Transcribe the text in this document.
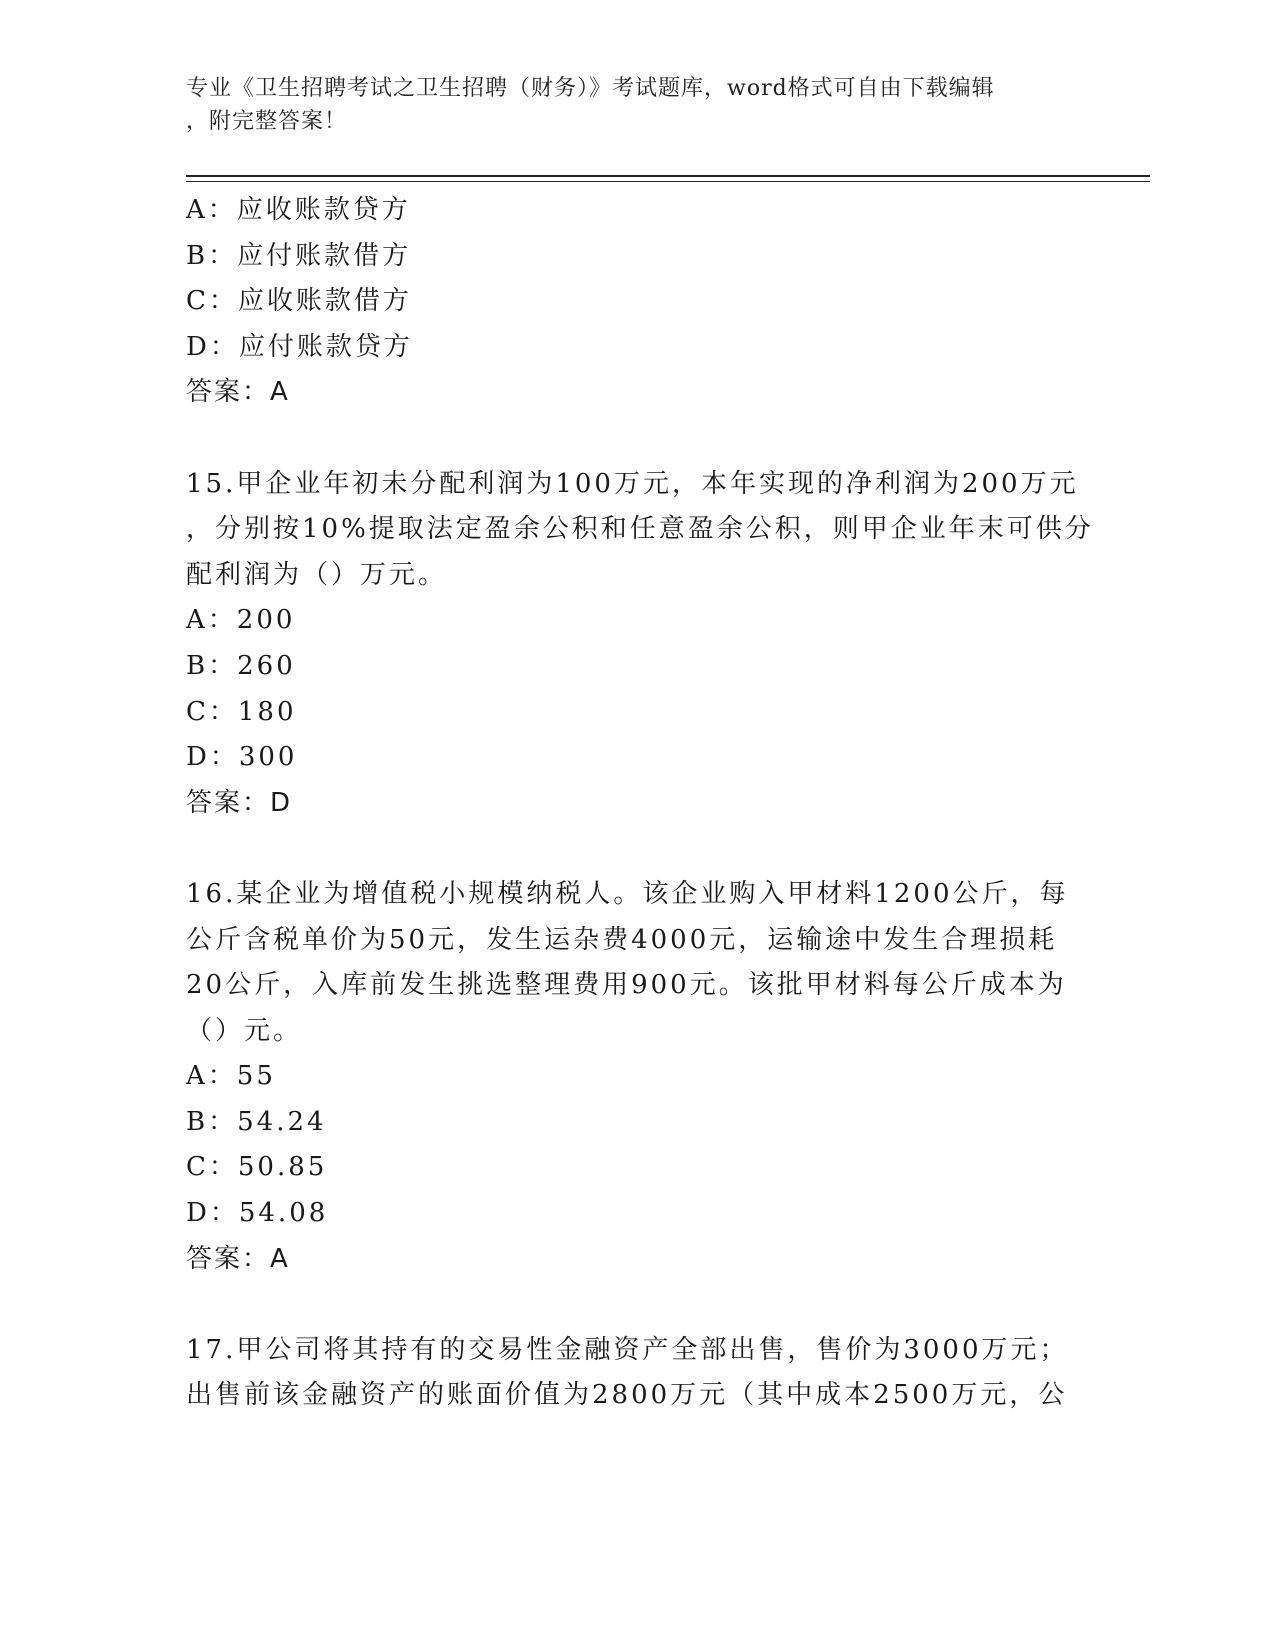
专业《卫生招聘考试之卫生招聘（财务）》考试题库，word格式可自由下载编辑
，附完整答案！
A：应收账款贷方
B：应付账款借方
C：应收账款借方
D：应付账款贷方
答案：A
15.甲企业年初未分配利润为100万元，本年实现的净利润为200万元
，分别按10%提取法定盈余公积和任意盈余公积，则甲企业年末可供分
配利润为（）万元。
A：200
B：260
C：180
D：300
答案：D
16.某企业为增值税小规模纳税人。该企业购入甲材料1200公斤，每
公斤含税单价为50元，发生运杂费4000元，运输途中发生合理损耗
20公斤，入库前发生挑选整理费用900元。该批甲材料每公斤成本为
（）元。
A：55
B：54.24
C：50.85
D：54.08
答案：A
17.甲公司将其持有的交易性金融资产全部出售，售价为3000万元；
出售前该金融资产的账面价值为2800万元（其中成本2500万元，公
